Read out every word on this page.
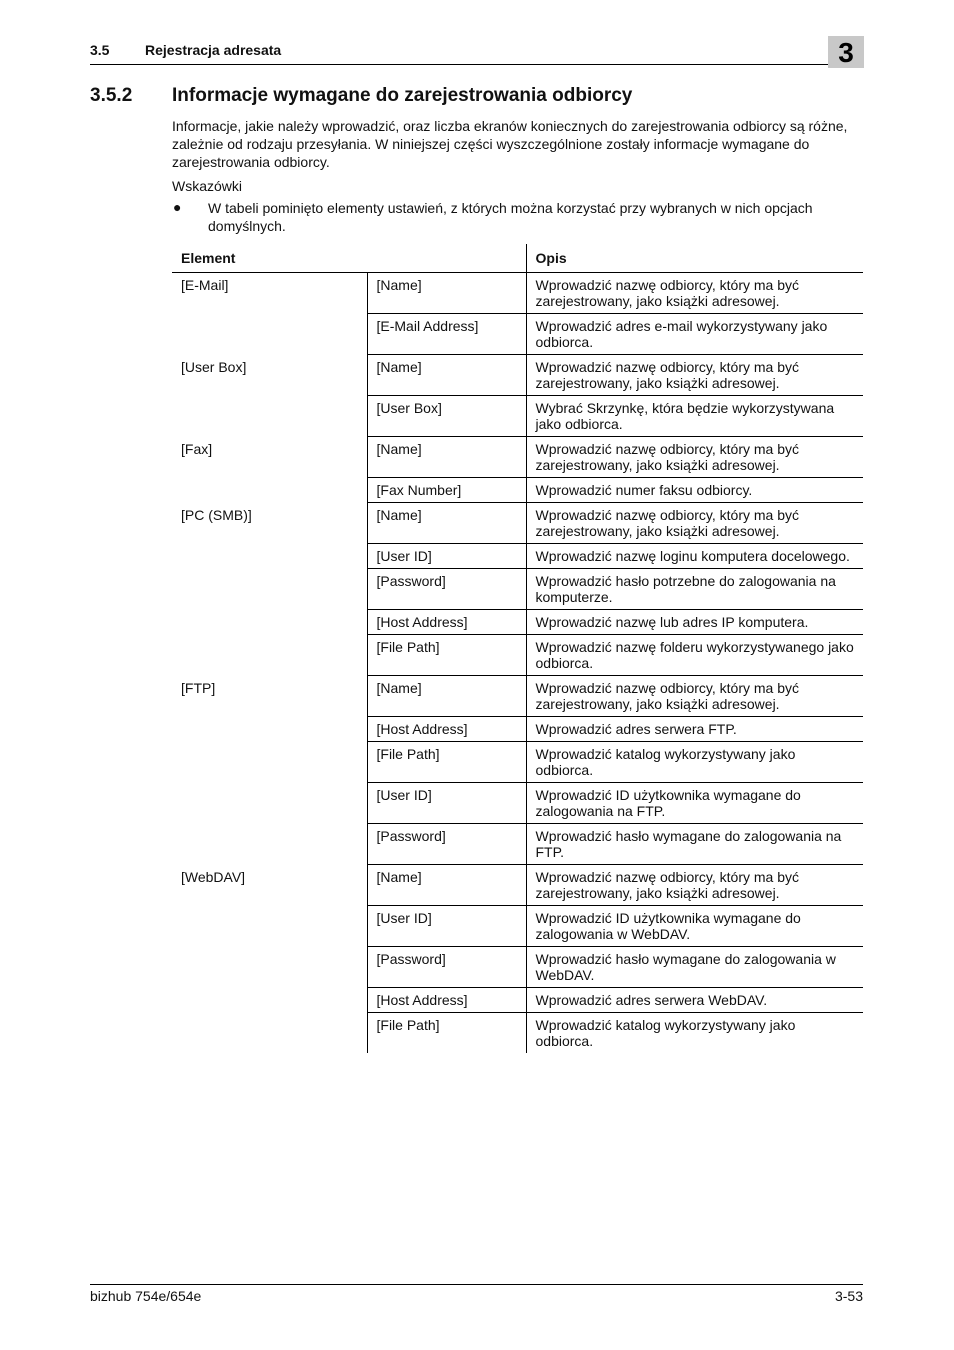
3.5	Rejestracja adresata	3
3.5.2 Informacje wymagane do zarejestrowania odbiorcy
Informacje, jakie należy wprowadzić, oraz liczba ekranów koniecznych do zarejestrowania odbiorcy są różne, zależnie od rodzaju przesyłania. W niniejszej części wyszczególnione zostały informacje wymagane do zarejestrowania odbiorcy.
Wskazówki
● W tabeli pominięto elementy ustawień, z których można korzystać przy wybranych w nich opcjach domyślnych.
Element		Opis
[E-Mail]	[Name]	Wprowadzić nazwę odbiorcy, który ma być zarejestrowany, jako książki adresowej.
	[E-Mail Address]	Wprowadzić adres e-mail wykorzystywany jako odbiorca.
[User Box]	[Name]	Wprowadzić nazwę odbiorcy, który ma być zarejestrowany, jako książki adresowej.
	[User Box]	Wybrać Skrzynkę, która będzie wykorzystywana jako odbiorca.
[Fax]	[Name]	Wprowadzić nazwę odbiorcy, który ma być zarejestrowany, jako książki adresowej.
	[Fax Number]	Wprowadzić numer faksu odbiorcy.
[PC (SMB)]	[Name]	Wprowadzić nazwę odbiorcy, który ma być zarejestrowany, jako książki adresowej.
	[User ID]	Wprowadzić nazwę loginu komputera docelowego.
	[Password]	Wprowadzić hasło potrzebne do zalogowania na komputerze.
	[Host Address]	Wprowadzić nazwę lub adres IP komputera.
	[File Path]	Wprowadzić nazwę folderu wykorzystywanego jako odbiorca.
[FTP]	[Name]	Wprowadzić nazwę odbiorcy, który ma być zarejestrowany, jako książki adresowej.
	[Host Address]	Wprowadzić adres serwera FTP.
	[File Path]	Wprowadzić katalog wykorzystywany jako odbiorca.
	[User ID]	Wprowadzić ID użytkownika wymagane do zalogowania na FTP.
	[Password]	Wprowadzić hasło wymagane do zalogowania na FTP.
[WebDAV]	[Name]	Wprowadzić nazwę odbiorcy, który ma być zarejestrowany, jako książki adresowej.
	[User ID]	Wprowadzić ID użytkownika wymagane do zalogowania w WebDAV.
	[Password]	Wprowadzić hasło wymagane do zalogowania w WebDAV.
	[Host Address]	Wprowadzić adres serwera WebDAV.
	[File Path]	Wprowadzić katalog wykorzystywany jako odbiorca.
bizhub 754e/654e	3-53
